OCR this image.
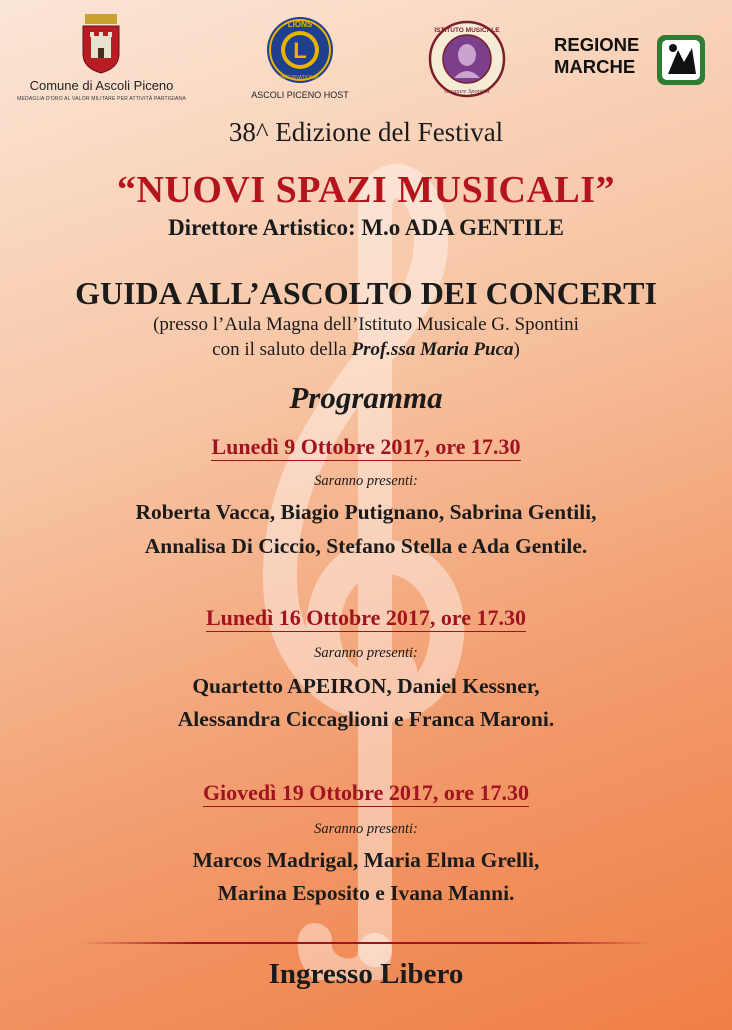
Comune di Ascoli Piceno
MEDAGLIA D'ORO AL VALOR MILITARE PER ATTIVITÀ PARTIGIANA
L
LIONS
INTERNATIONAL
ASCOLI PICENO HOST
ISTITUTO MUSICALE
Gaspare Spontini
REGIONE
MARCHE
38^ Edizione del Festival
“NUOVI SPAZI MUSICALI”
Direttore Artistico: M.o ADA GENTILE
GUIDA ALL’ASCOLTO DEI CONCERTI
(presso l’Aula Magna dell’Istituto Musicale G. Spontini
con il saluto della Prof.ssa Maria Puca)
Programma
Lunedì 9 Ottobre 2017, ore 17.30
Saranno presenti:
Roberta Vacca, Biagio Putignano, Sabrina Gentili,
Annalisa Di Ciccio, Stefano Stella e Ada Gentile.
Lunedì 16 Ottobre 2017, ore 17.30
Saranno presenti:
Quartetto APEIRON, Daniel Kessner,
Alessandra Ciccaglioni e Franca Maroni.
Giovedì 19 Ottobre 2017, ore 17.30
Saranno presenti:
Marcos Madrigal, Maria Elma Grelli,
Marina Esposito e Ivana Manni.
Ingresso Libero
